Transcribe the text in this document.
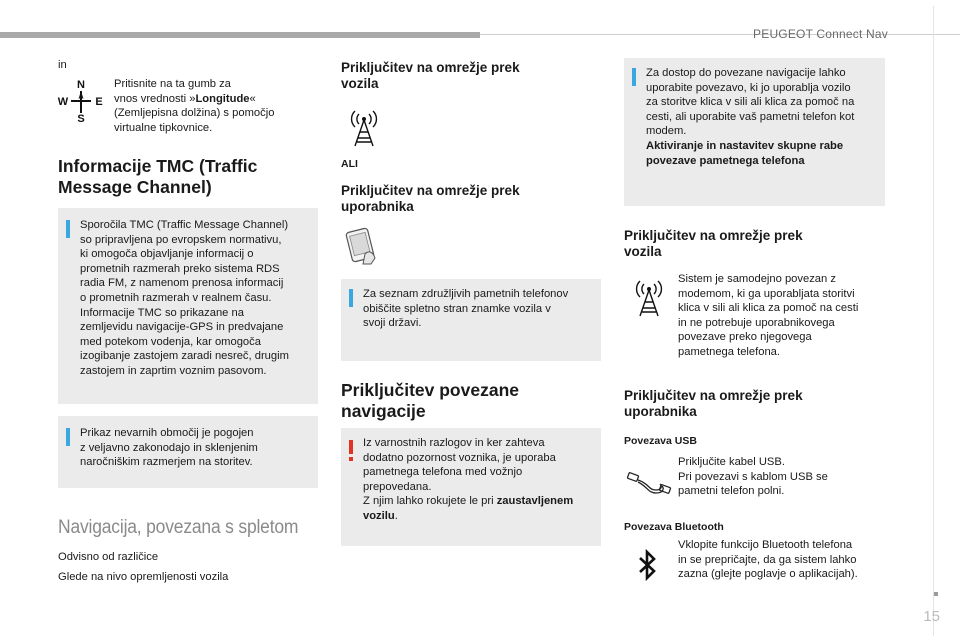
PEUGEOT Connect Nav
15
in
N
S
W E
Pritisnite na ta gumb za
vnos vrednosti »Longitude«
(Zemljepisna dolžina) s pomočjo
virtualne tipkovnice.
Informacije TMC (Traffic
Message Channel)
Sporočila TMC (Traffic Message Channel)
so pripravljena po evropskem normativu,
ki omogoča objavljanje informacij o
prometnih razmerah preko sistema RDS
radia FM, z namenom prenosa informacij
o prometnih razmerah v realnem času.
Informacije TMC so prikazane na
zemljevidu navigacije-GPS in predvajane
med potekom vodenja, kar omogoča
izogibanje zastojem zaradi nesreč, drugim
zastojem in zaprtim voznim pasovom.
Prikaz nevarnih območij je pogojen
z veljavno zakonodajo in sklenjenim
naročniškim razmerjem na storitev.
Navigacija, povezana s spletom
Odvisno od različice
Glede na nivo opremljenosti vozila
Priključitev na omrežje prek
vozila
ALI
Priključitev na omrežje prek
uporabnika
Za seznam združljivih pametnih telefonov
obiščite spletno stran znamke vozila v
svoji državi.
Priključitev povezane
navigacije
Iz varnostnih razlogov in ker zahteva
dodatno pozornost voznika, je uporaba
pametnega telefona med vožnjo
prepovedana.
Z njim lahko rokujete le pri zaustavljenem
vozilu.
Za dostop do povezane navigacije lahko
uporabite povezavo, ki jo uporablja vozilo
za storitve klica v sili ali klica za pomoč na
cesti, ali uporabite vaš pametni telefon kot
modem.
Aktiviranje in nastavitev skupne rabe
povezave pametnega telefona
Priključitev na omrežje prek
vozila
Sistem je samodejno povezan z
modemom, ki ga uporabljata storitvi
klica v sili ali klica za pomoč na cesti
in ne potrebuje uporabnikovega
povezave preko njegovega
pametnega telefona.
Priključitev na omrežje prek
uporabnika
Povezava USB
Priključite kabel USB.
Pri povezavi s kablom USB se
pametni telefon polni.
Povezava Bluetooth
Vklopite funkcijo Bluetooth telefona
in se prepričajte, da ga sistem lahko
zazna (glejte poglavje o aplikacijah).
